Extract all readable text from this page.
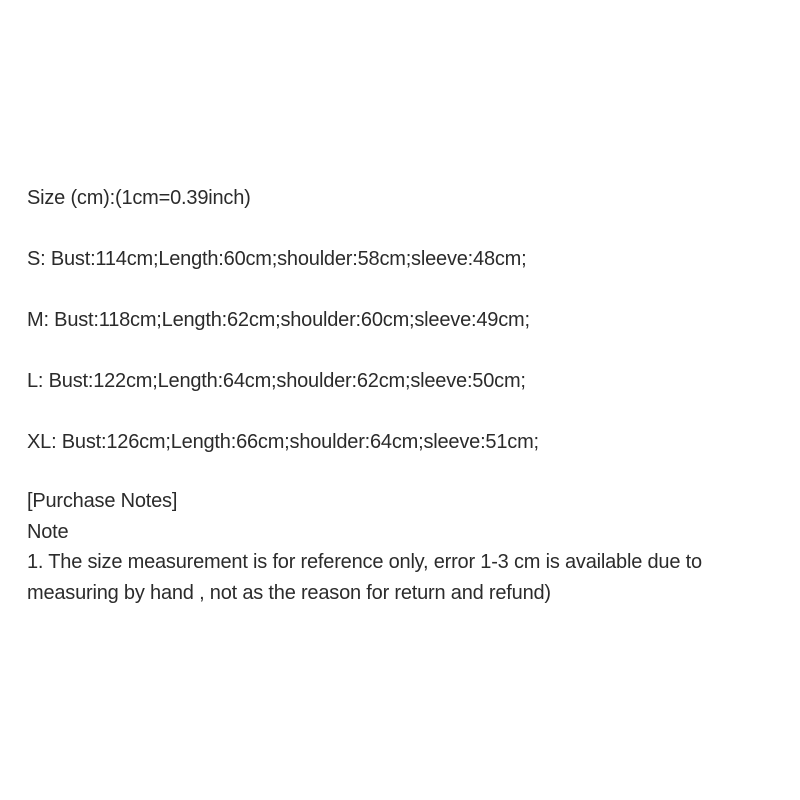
Size (cm):(1cm=0.39inch)
S: Bust:114cm;Length:60cm;shoulder:58cm;sleeve:48cm;
M: Bust:118cm;Length:62cm;shoulder:60cm;sleeve:49cm;
L: Bust:122cm;Length:64cm;shoulder:62cm;sleeve:50cm;
XL: Bust:126cm;Length:66cm;shoulder:64cm;sleeve:51cm;
[Purchase Notes]
Note
1. The size measurement is for reference only, error 1-3 cm is available due to
measuring by hand , not as the reason for return and refund)
